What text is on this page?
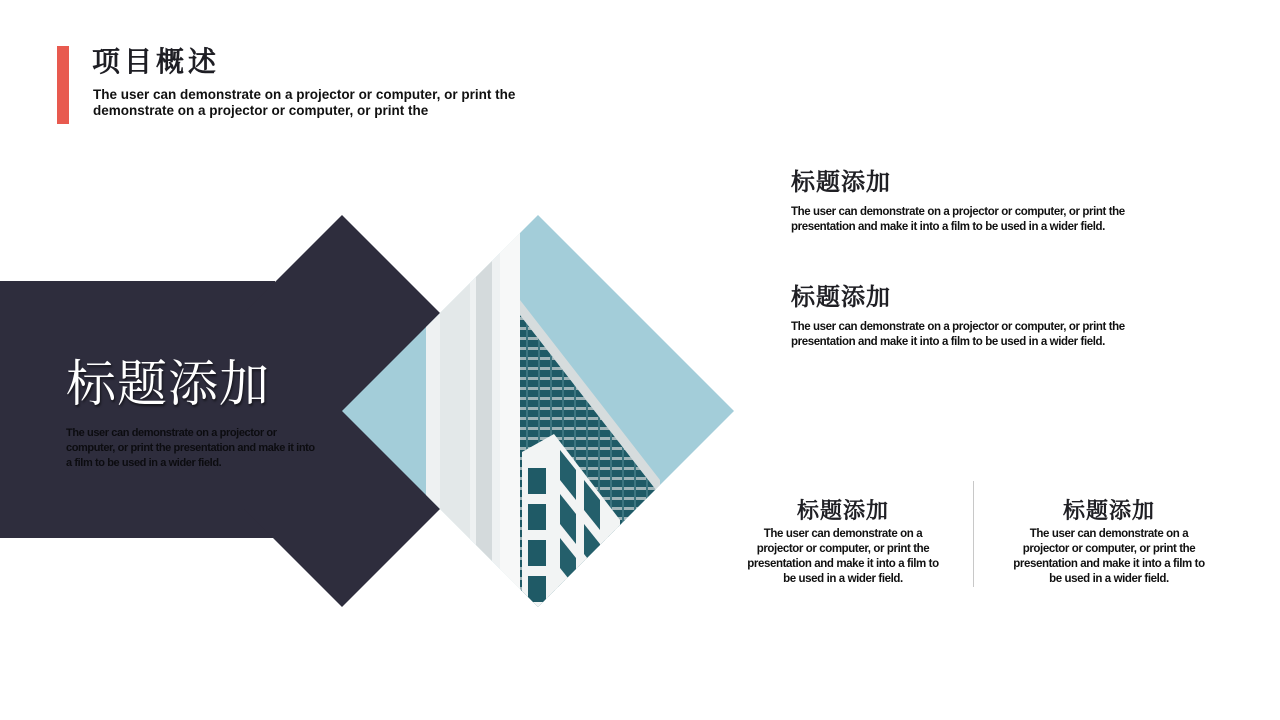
项目概述

The user can demonstrate on a projector or computer, or print the demonstrate on a projector or computer, or print the

标题添加

The user can demonstrate on a projector or computer, or print the presentation and make it into a film to be used in a wider field.

标题添加

The user can demonstrate on a projector or computer, or print the presentation and make it into a film to be used in a wider field.

标题添加

The user can demonstrate on a projector or computer, or print the presentation and make it into a film to be used in a wider field.

标题添加

The user can demonstrate on a projector or computer, or print the presentation and make it into a film to be used in a wider field.

标题添加

The user can demonstrate on a projector or computer, or print the presentation and make it into a film to be used in a wider field.
